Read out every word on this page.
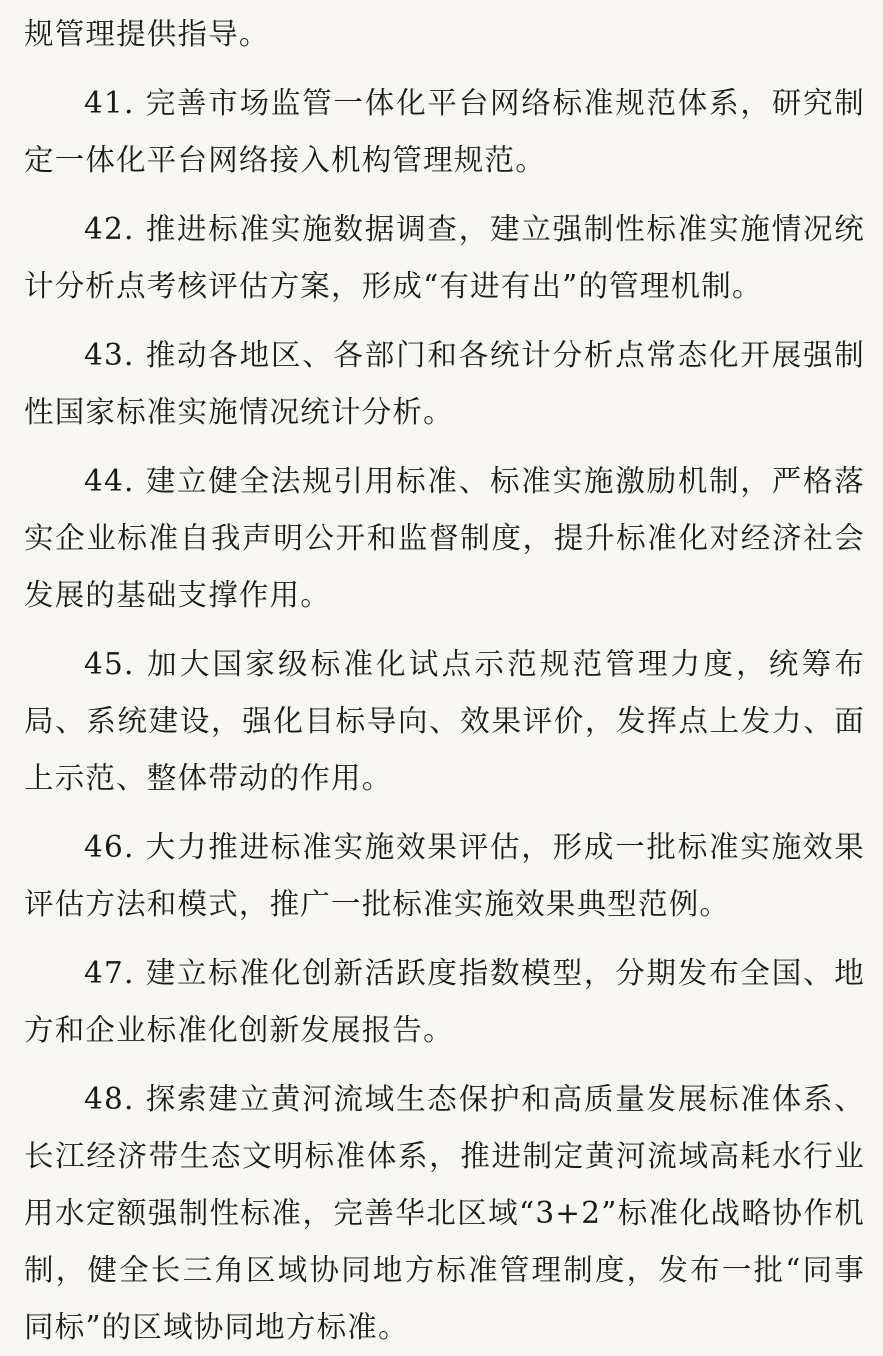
规管理提供指导。

41. 完善市场监管一体化平台网络标准规范体系，研究制定一体化平台网络接入机构管理规范。

42. 推进标准实施数据调查，建立强制性标准实施情况统计分析点考核评估方案，形成“有进有出”的管理机制。

43. 推动各地区、各部门和各统计分析点常态化开展强制性国家标准实施情况统计分析。

44. 建立健全法规引用标准、标准实施激励机制，严格落实企业标准自我声明公开和监督制度，提升标准化对经济社会发展的基础支撑作用。

45. 加大国家级标准化试点示范规范管理力度，统筹布局、系统建设，强化目标导向、效果评价，发挥点上发力、面上示范、整体带动的作用。

46. 大力推进标准实施效果评估，形成一批标准实施效果评估方法和模式，推广一批标准实施效果典型范例。

47. 建立标准化创新活跃度指数模型，分期发布全国、地方和企业标准化创新发展报告。

48. 探索建立黄河流域生态保护和高质量发展标准体系、长江经济带生态文明标准体系，推进制定黄河流域高耗水行业用水定额强制性标准，完善华北区域“3+2”标准化战略协作机制，健全长三角区域协同地方标准管理制度，发布一批“同事同标”的区域协同地方标准。
